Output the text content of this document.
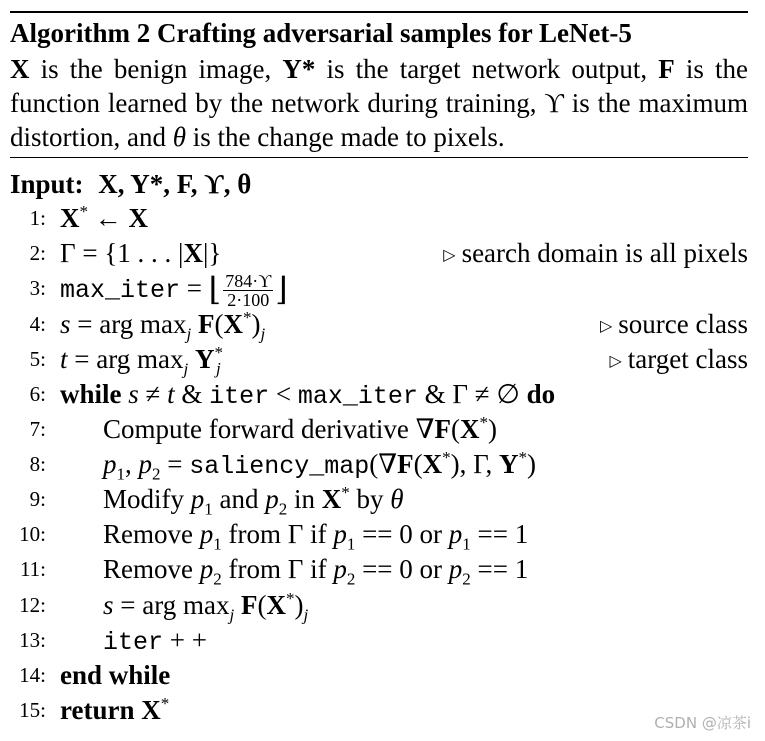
Algorithm 2 Crafting adversarial samples for LeNet-5

X is the benign image, Y* is the target network output, F is the function learned by the network during training, ϒ is the maximum distortion, and θ is the change made to pixels.

Input: X, Y*, F, ϒ, θ
1: X* ← X
2: Γ = {1 . . . |X|}	▷ search domain is all pixels
3: max_iter = ⌊ $\frac{784\cdot ϒ}{2\cdot 100}$ ⌋
4: s = arg $\max_j F(X^*)_j$	▷ source class
5: t = arg $\max_j Y^*_j$	▷ target class
6: while s ≠ t & iter < max_iter & Γ ≠ ∅ do
7: Compute forward derivative ∇F(X*)
8: $p_1$, $p_2$ = saliency_map(∇F(X*), Γ, Y*)
9: Modify $p_1$ and $p_2$ in X* by θ
10: Remove $p_1$ from Γ if $p_1 == 0$ or $p_1 == 1$
11: Remove $p_2$ from Γ if $p_2 == 0$ or $p_2 == 1$
12: s = arg $\max_j F(X^*)_j$
13: iter + +
14: end while
15: return X*
CSDN @凉茶i
